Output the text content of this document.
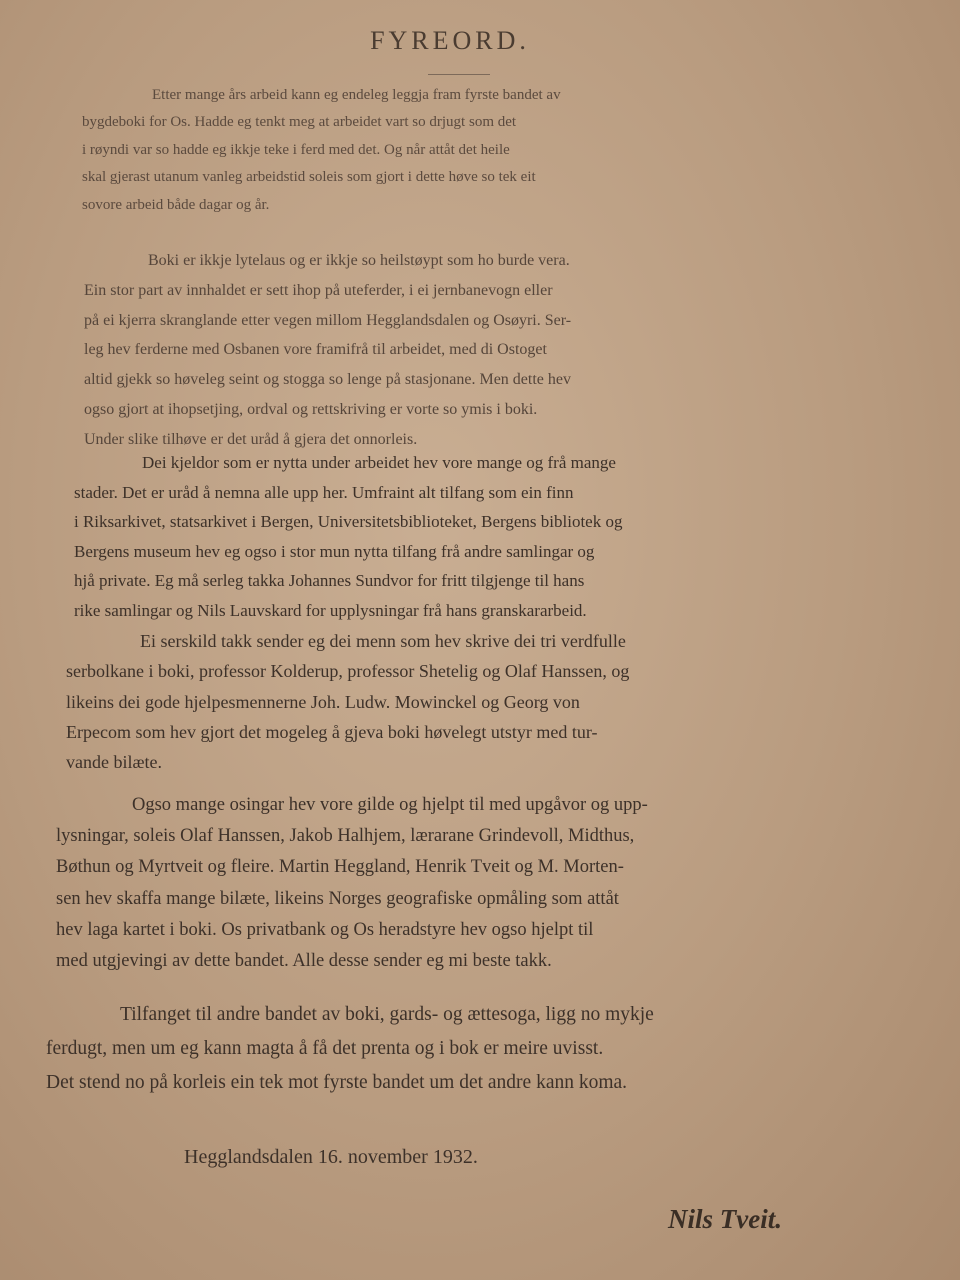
FYREORD.

Etter mange års arbeid kann eg endeleg leggja fram fyrste bandet av

bygdeboki for Os. Hadde eg tenkt meg at arbeidet vart so drjugt som det

i røyndi var so hadde eg ikkje teke i ferd med det. Og når attåt det heile

skal gjerast utanum vanleg arbeidstid soleis som gjort i dette høve so tek eit

sovore arbeid både dagar og år.

Boki er ikkje lytelaus og er ikkje so heilstøypt som ho burde vera.

Ein stor part av innhaldet er sett ihop på utеferder, i ei jernbanevogn eller

på ei kjerra skranglande etter vegen millom Hegglandsdalen og Osøyri. Ser-

leg hev ferderne med Osbanen vore framifrå til arbeidet, med di Ostoget

altid gjekk so høveleg seint og stogga so lenge på stasjonane. Men dette hev

ogso gjort at ihopsetjing, ordval og rettskriving er vorte so ymis i boki.

Under slike tilhøve er det uråd å gjera det onnorleis.

Dei kjeldor som er nytta under arbeidet hev vore mange og frå mange

stader. Det er uråd å nemna alle upp her. Umfraint alt tilfang som ein finn

i Riksarkivet, statsarkivet i Bergen, Universitetsbiblioteket, Bergens bibliotek og

Bergens museum hev eg ogso i stor mun nytta tilfang frå andre samlingar og

hjå private. Eg må serleg takka Johannes Sundvor for fritt tilgjenge til hans

rike samlingar og Nils Lauvskard for upplysningar frå hans granskararbeid.

Ei serskild takk sender eg dei menn som hev skrive dei tri verdfulle

serbolkane i boki, professor Kolderup, professor Shetelig og Olaf Hanssen, og

likeins dei gode hjelpesmennerne Joh. Ludw. Mowinckel og Georg von

Erpecom som hev gjort det mogeleg å gjeva boki høvelegt utstyr med tur-

vande bilæte.

Ogso mange osingar hev vore gilde og hjelpt til med upgåvor og upp-

lysningar, soleis Olaf Hanssen, Jakob Halhjem, lærarane Grindevoll, Midthus,

Bøthun og Myrtveit og fleire. Martin Heggland, Henrik Tveit og M. Morten-

sen hev skaffa mange bilæte, likeins Norges geografiske opmåling som attåt

hev laga kartet i boki. Os privatbank og Os heradstyre hev ogso hjelpt til

med utgjevingi av dette bandet. Alle desse sender eg mi beste takk.

Tilfanget til andre bandet av boki, gards- og ættesoga, ligg no mykje

ferdugt, men um eg kann magta å få det prenta og i bok er meire uvisst.

Det stend no på korleis ein tek mot fyrste bandet um det andre kann koma.

Hegglandsdalen 16. november 1932.
Nils Tveit.
